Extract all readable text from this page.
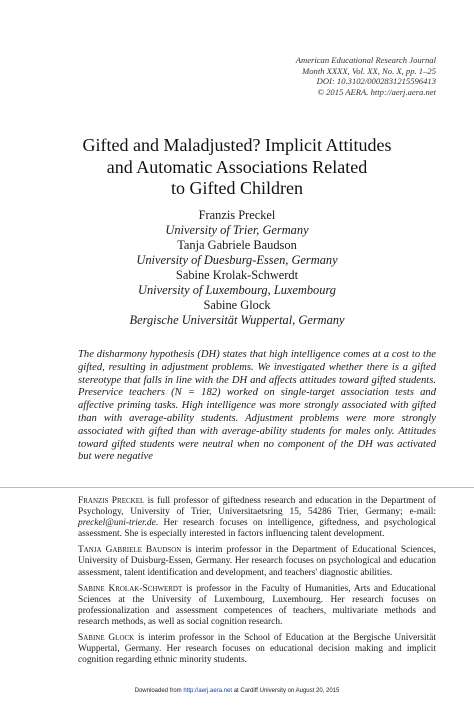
American Educational Research Journal
Month XXXX, Vol. XX, No. X, pp. 1–25
DOI: 10.3102/0002831215596413
© 2015 AERA. http://aerj.aera.net
Gifted and Maladjusted? Implicit Attitudes
and Automatic Associations Related
to Gifted Children
Franzis Preckel
University of Trier, Germany
Tanja Gabriele Baudson
University of Duesburg-Essen, Germany
Sabine Krolak-Schwerdt
University of Luxembourg, Luxembourg
Sabine Glock
Bergische Universität Wuppertal, Germany
The disharmony hypothesis (DH) states that high intelligence comes at a cost to the gifted, resulting in adjustment problems. We investigated whether there is a gifted stereotype that falls in line with the DH and affects attitudes toward gifted students. Preservice teachers (N = 182) worked on single-target association tests and affective priming tasks. High intelligence was more strongly associated with gifted than with average-ability students. Adjustment problems were more strongly associated with gifted than with average-ability students for males only. Attitudes toward gifted students were neutral when no component of the DH was activated but were negative

Franzis Preckel is full professor of giftedness research and education in the Department of Psychology, University of Trier, Universitaetsring 15, 54286 Trier, Germany; e-mail: preckel@uni-trier.de. Her research focuses on intelligence, giftedness, and psychological assessment. She is especially interested in factors influencing talent development.

Tanja Gabriele Baudson is interim professor in the Department of Educational Sciences, University of Duisburg-Essen, Germany. Her research focuses on psychological and education assessment, talent identification and development, and teachers' diagnostic abilities.

Sabine Krolak-Schwerdt is professor in the Faculty of Humanities, Arts and Educational Sciences at the University of Luxembourg, Luxembourg. Her research focuses on professionalization and assessment competences of teachers, multivariate methods and research methods, as well as social cognition research.

Sabine Glock is interim professor in the School of Education at the Bergische Universität Wuppertal, Germany. Her research focuses on educational decision making and implicit cognition regarding ethnic minority students.

Downloaded from http://aerj.aera.net at Cardiff University on August 20, 2015
